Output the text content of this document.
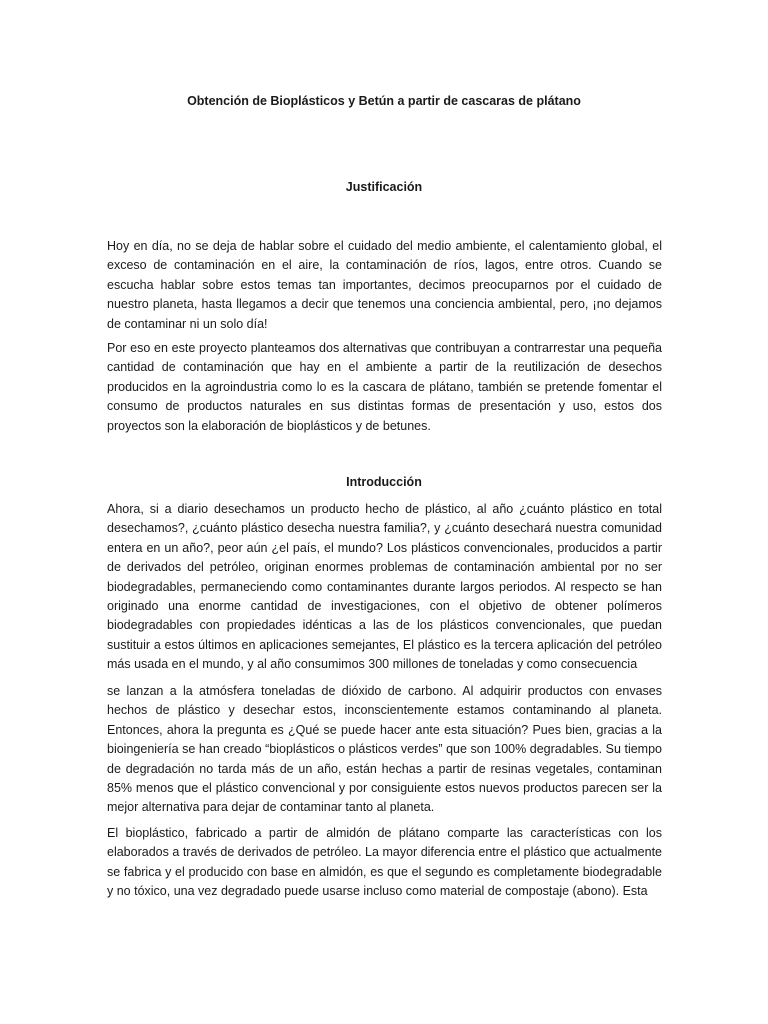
Obtención de Bioplásticos y Betún a partir de cascaras de plátano
Justificación

Hoy en día, no se deja de hablar sobre el cuidado del medio ambiente, el calentamiento global, el exceso de contaminación en el aire, la contaminación de ríos, lagos, entre otros. Cuando se escucha hablar sobre estos temas tan importantes, decimos preocuparnos por el cuidado de nuestro planeta, hasta llegamos a decir que tenemos una conciencia ambiental, pero, ¡no dejamos de contaminar ni un solo día!

Por eso en este proyecto planteamos dos alternativas que contribuyan a contrarrestar una pequeña cantidad de contaminación que hay en el ambiente a partir de la reutilización de desechos producidos en la agroindustria como lo es la cascara de plátano, también se pretende fomentar el consumo de productos naturales en sus distintas formas de presentación y uso, estos dos proyectos son la elaboración de bioplásticos y de betunes.

Introducción

Ahora, si a diario desechamos un producto hecho de plástico, al año ¿cuánto plástico en total desechamos?, ¿cuánto plástico desecha nuestra familia?, y ¿cuánto desechará nuestra comunidad entera en un año?, peor aún ¿el país, el mundo? Los plásticos convencionales, producidos a partir de derivados del petróleo, originan enormes problemas de contaminación ambiental por no ser biodegradables, permaneciendo como contaminantes durante largos periodos. Al respecto se han originado una enorme cantidad de investigaciones, con el objetivo de obtener polímeros biodegradables con propiedades idénticas a las de los plásticos convencionales, que puedan sustituir a estos últimos en aplicaciones semejantes, El plástico es la tercera aplicación del petróleo más usada en el mundo, y al año consumimos 300 millones de toneladas y como consecuencia

se lanzan a la atmósfera toneladas de dióxido de carbono. Al adquirir productos con envases hechos de plástico y desechar estos, inconscientemente estamos contaminando al planeta. Entonces, ahora la pregunta es ¿Qué se puede hacer ante esta situación? Pues bien, gracias a la bioingeniería se han creado “bioplásticos o plásticos verdes” que son 100% degradables. Su tiempo de degradación no tarda más de un año, están hechas a partir de resinas vegetales, contaminan 85% menos que el plástico convencional y por consiguiente estos nuevos productos parecen ser la mejor alternativa para dejar de contaminar tanto al planeta.

El bioplástico, fabricado a partir de almidón de plátano comparte las características con los elaborados a través de derivados de petróleo. La mayor diferencia entre el plástico que actualmente se fabrica y el producido con base en almidón, es que el segundo es completamente biodegradable y no tóxico, una vez degradado puede usarse incluso como material de compostaje (abono). Esta
